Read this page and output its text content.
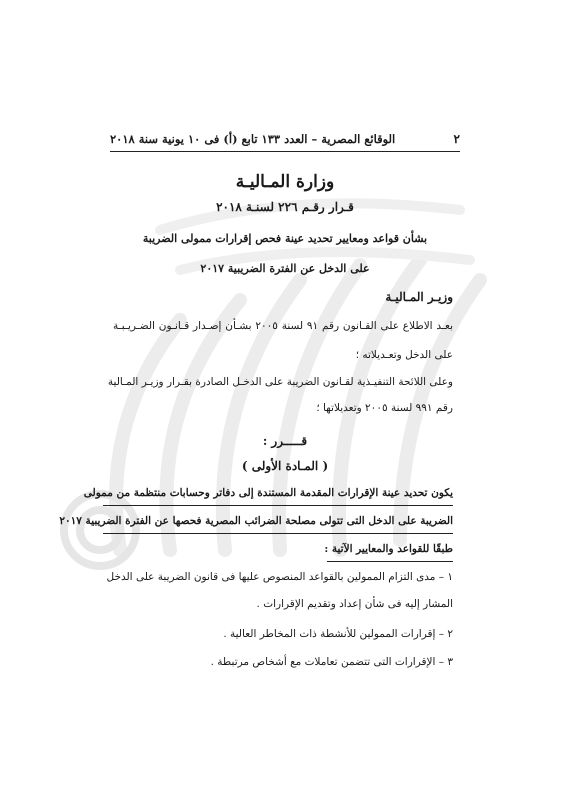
٢
الوقائع المصرية – العدد ١٣٣ تابع (أ) فى ١٠ يونية سنة ٢٠١٨
وزارة المـاليـة
قـرار رقـم ٢٢٦ لسنـة ٢٠١٨
بشأن قواعد ومعايير تحديد عينة فحص إقرارات ممولى الضريبة
على الدخل عن الفترة الضريبية ٢٠١٧
وزيـر المـاليـة
بعـد الاطلاع على القـانون رقم ٩١ لسنة ٢٠٠٥ بشـأن إصـدار قـانـون الضـريـبـة
على الدخل وتعـديلاته ؛
وعلى اللائحة التنفيـذية لقـانون الضريبة على الدخـل الصادرة بقـرار وزيـر المـالية
رقم ٩٩١ لسنة ٢٠٠٥ وتعديلاتها ؛
قـــــرر :
( المـادة الأولى )
يكون تحديد عينة الإقرارات المقدمة المستندة إلى دفاتر وحسابات منتظمة من ممولى
الضريبة على الدخل التى تتولى مصلحة الضرائب المصرية فحصها عن الفترة الضريبية ٢٠١٧
طبقًا للقواعد والمعايير الآتية :
١ – مدى التزام الممولين بالقواعد المنصوص عليها فى قانون الضريبة على الدخل
المشار إليه فى شأن إعداد وتقديم الإقرارات .
٢ – إقرارات الممولين للأنشطة ذات المخاطر العالية .
٣ – الإقرارات التى تتضمن تعاملات مع أشخاص مرتبطة .
